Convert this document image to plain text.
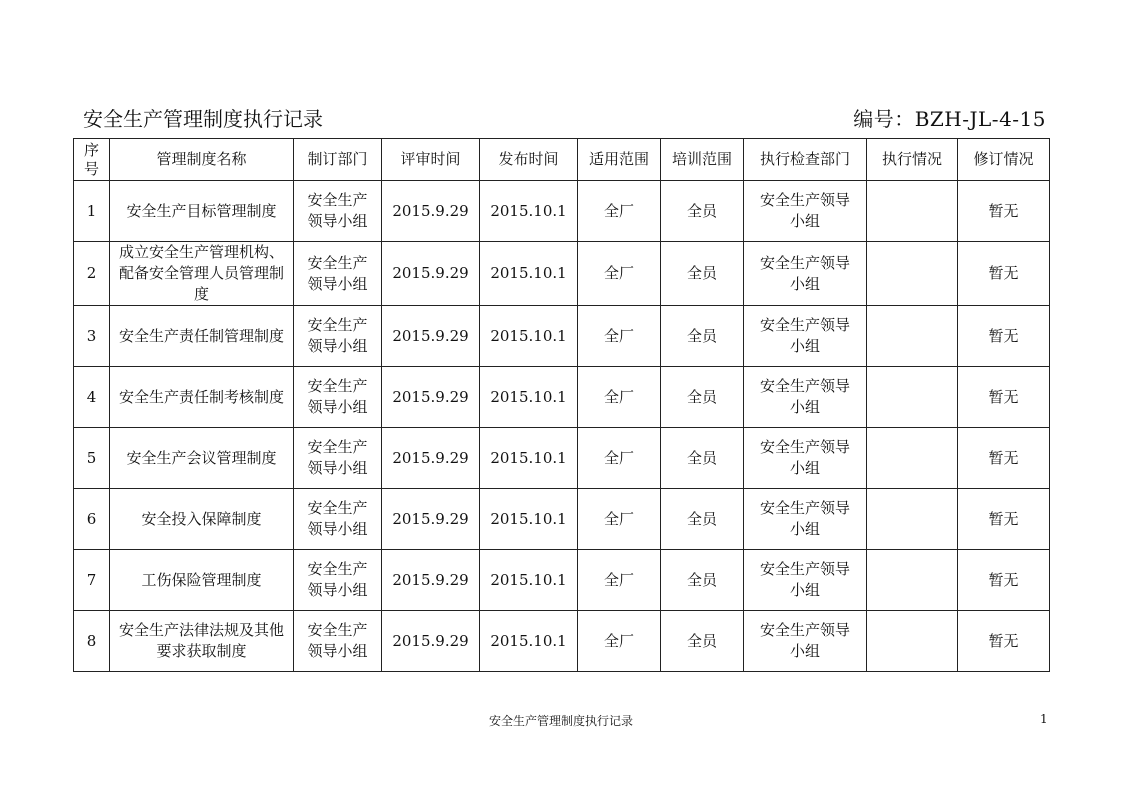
安全生产管理制度执行记录	编号：BZH-JL-4-15
序号	管理制度名称	制订部门	评审时间	发布时间	适用范围	培训范围	执行检查部门	执行情况	修订情况
1	安全生产目标管理制度	安全生产领导小组	2015.9.29	2015.10.1	全厂	全员	安全生产领导小组		暂无
2	成立安全生产管理机构、配备安全管理人员管理制度	安全生产领导小组	2015.9.29	2015.10.1	全厂	全员	安全生产领导小组		暂无
3	安全生产责任制管理制度	安全生产领导小组	2015.9.29	2015.10.1	全厂	全员	安全生产领导小组		暂无
4	安全生产责任制考核制度	安全生产领导小组	2015.9.29	2015.10.1	全厂	全员	安全生产领导小组		暂无
5	安全生产会议管理制度	安全生产领导小组	2015.9.29	2015.10.1	全厂	全员	安全生产领导小组		暂无
6	安全投入保障制度	安全生产领导小组	2015.9.29	2015.10.1	全厂	全员	安全生产领导小组		暂无
7	工伤保险管理制度	安全生产领导小组	2015.9.29	2015.10.1	全厂	全员	安全生产领导小组		暂无
8	安全生产法律法规及其他要求获取制度	安全生产领导小组	2015.9.29	2015.10.1	全厂	全员	安全生产领导小组		暂无
安全生产管理制度执行记录	1
